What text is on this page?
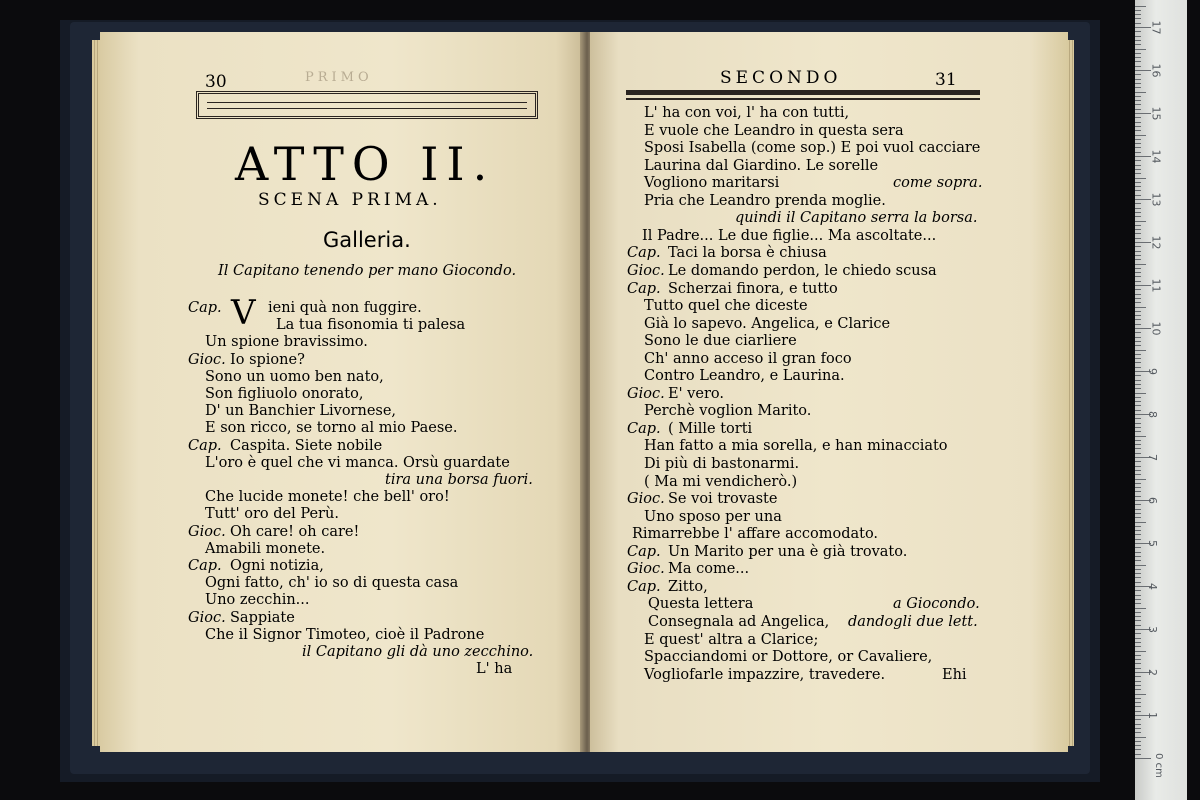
30	PRIMO
ATTO II.
SCENA PRIMA.
Galleria.
Il Capitano tenendo per mano Giocondo.
V
Cap.	ieni quà non fuggire.
La tua fisonomia ti palesa
Un spione bravissimo.
Gioc. Io spione?
Sono un uomo ben nato,
Son figliuolo onorato,
D' un Banchier Livornese,
E son ricco, se torno al mio Paese.
Cap. Caspita. Siete nobile
L'oro è quel che vi manca. Orsù guardate
tira una borsa fuori.
Che lucide monete! che bell' oro!
Tutt' oro del Perù.
Gioc. Oh care! oh care!
Amabili monete.
Cap. Ogni notizia,
Ogni fatto, ch' io so di questa casa
Uno zecchin...
Gioc. Sappiate
Che il Signor Timoteo, cioè il Padrone
il Capitano gli dà uno zecchino.
L' ha
SECONDO	31
L' ha con voi, l' ha con tutti,
E vuole che Leandro in questa sera
Sposi Isabella (come sop.) E poi vuol cacciare
Laurina dal Giardino. Le sorelle
Vogliono maritarsi	come sopra.
Pria che Leandro prenda moglie.
quindi il Capitano serra la borsa.
Il Padre... Le due figlie... Ma ascoltate...
Cap. Taci la borsa è chiusa
Gioc. Le domando perdon, le chiedo scusa
Cap. Scherzai finora, e tutto
Tutto quel che diceste
Già lo sapevo. Angelica, e Clarice
Sono le due ciarliere
Ch' anno acceso il gran foco
Contro Leandro, e Laurina.
Gioc. E' vero.
Perchè voglion Marito.
Cap. ( Mille torti
Han fatto a mia sorella, e han minacciato
Di più di bastonarmi.
( Ma mi vendicherò.)
Gioc. Se voi trovaste
Uno sposo per una
Rimarrebbe l' affare accomodato.
Cap. Un Marito per una è già trovato.
Gioc. Ma come...
Cap. Zitto,
Questa lettera	a Giocondo.
Consegnala ad Angelica, dandogli due lett.
E quest' altra a Clarice;
Spacciandomi or Dottore, or Cavaliere,
Vogliofarle impazzire, travedere.	Ehi
1
2
3
4
5
6
7
8
9
10
11
12
13
14
15
16
17
0 cm
